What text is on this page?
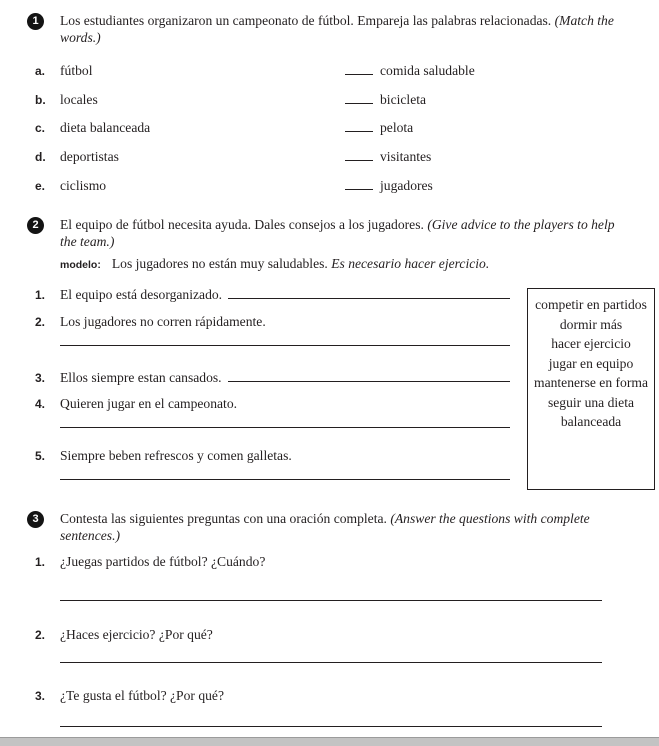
1	Los estudiantes organizaron un campeonato de fútbol. Empareja las palabras relacionadas. (Match the words.)

a. fútbol	comida saludable
b. locales	bicicleta
c. dieta balanceada	pelota
d. deportistas	visitantes
e. ciclismo	jugadores
2	El equipo de fútbol necesita ayuda. Dales consejos a los jugadores. (Give advice to the players to help the team.)

modelo: Los jugadores no están muy saludables. Es necesario hacer ejercicio.

1.	El equipo está desorganizado.
2.	Los jugadores no corren rápidamente.
3.	Ellos siempre estan cansados.
4.	Quieren jugar en el campeonato.
5.	Siempre beben refrescos y comen galletas.
competir en partidos
dormir más
hacer ejercicio
jugar en equipo
mantenerse en forma
seguir una dieta balanceada
3	Contesta las siguientes preguntas con una oración completa. (Answer the questions with complete sentences.)

1.	¿Juegas partidos de fútbol? ¿Cuándo?
2.	¿Haces ejercicio? ¿Por qué?
3.	¿Te gusta el fútbol? ¿Por qué?
